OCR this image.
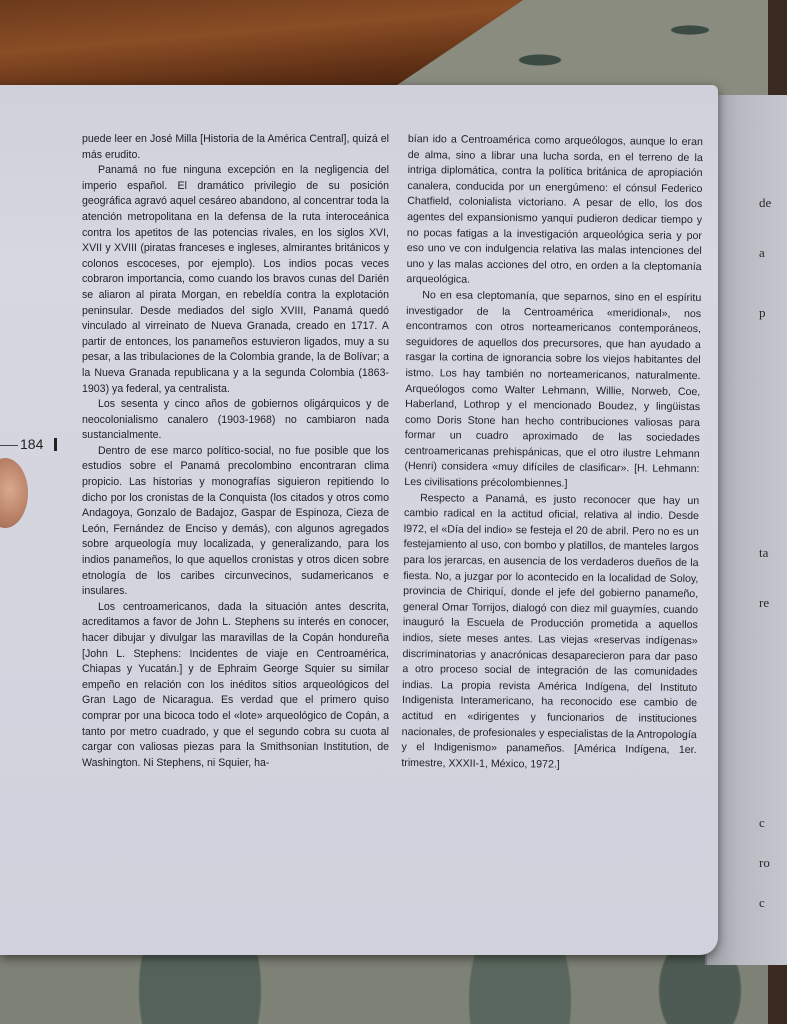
de
a
p
ta
re
c
ro
c

puede leer en José Milla [Historia de la América Central], quizá el más erudito.

Panamá no fue ninguna excepción en la negligencia del imperio español. El dramático privilegio de su posición geográfica agravó aquel cesáreo abandono, al concentrar toda la atención metropolitana en la defensa de la ruta interoceánica contra los apetitos de las potencias rivales, en los siglos XVI, XVII y XVIII (piratas franceses e ingleses, almirantes británicos y colonos escoceses, por ejemplo). Los indios pocas veces cobraron importancia, como cuando los bravos cunas del Darién se aliaron al pirata Morgan, en rebeldía contra la explotación peninsular. Desde mediados del siglo XVIII, Panamá quedó vinculado al virreinato de Nueva Granada, creado en 1717. A partir de entonces, los panameños estuvieron ligados, muy a su pesar, a las tribulaciones de la Colombia grande, la de Bolívar; a la Nueva Granada republicana y a la segunda Colombia (1863-1903) ya federal, ya centralista.

Los sesenta y cinco años de gobiernos oligárquicos y de neocolonialismo canalero (1903-1968) no cambiaron nada sustancialmente.

Dentro de ese marco político-social, no fue posible que los estudios sobre el Panamá precolombino encontraran clima propicio. Las historias y monografías siguieron repitiendo lo dicho por los cronistas de la Conquista (los citados y otros como Andagoya, Gonzalo de Badajoz, Gaspar de Espinoza, Cieza de León, Fernández de Enciso y demás), con algunos agregados sobre arqueología muy localizada, y generalizando, para los indios panameños, lo que aquellos cronistas y otros dicen sobre etnología de los caribes circunvecinos, sudamericanos e insulares.

Los centroamericanos, dada la situación antes descrita, acreditamos a favor de John L. Stephens su interés en conocer, hacer dibujar y divulgar las maravillas de la Copán hondureña [John L. Stephens: Incidentes de viaje en Centroamérica, Chiapas y Yucatán.] y de Ephraim George Squier su similar empeño en relación con los inéditos sitios arqueológicos del Gran Lago de Nicaragua. Es verdad que el primero quiso comprar por una bicoca todo el «lote» arqueológico de Copán, a tanto por metro cuadrado, y que el segundo cobra su cuota al cargar con valiosas piezas para la Smithsonian Institution, de Washington. Ni Stephens, ni Squier, ha-

bían ido a Centroamérica como arqueólogos, aunque lo eran de alma, sino a librar una lucha sorda, en el terreno de la intriga diplomática, contra la política británica de apropiación canalera, conducida por un energúmeno: el cónsul Federico Chatfield, colonialista victoriano. A pesar de ello, los dos agentes del expansionismo yanqui pudieron dedicar tiempo y no pocas fatigas a la investigación arqueológica seria y por eso uno ve con indulgencia relativa las malas intenciones del uno y las malas acciones del otro, en orden a la cleptomanía arqueológica.

No en esa cleptomanía, que separnos, sino en el espíritu investigador de la Centroamérica «meridional», nos encontramos con otros norteamericanos contemporáneos, seguidores de aquellos dos precursores, que han ayudado a rasgar la cortina de ignorancia sobre los viejos habitantes del istmo. Los hay también no norteamericanos, naturalmente. Arqueólogos como Walter Lehmann, Willie, Norweb, Coe, Haberland, Lothrop y el mencionado Boudez, y lingüistas como Doris Stone han hecho contribuciones valiosas para formar un cuadro aproximado de las sociedades centroamericanas prehispánicas, que el otro ilustre Lehmann (Henri) considera «muy difíciles de clasificar». [H. Lehmann: Les civilisations précolombiennes.]

Respecto a Panamá, es justo reconocer que hay un cambio radical en la actitud oficial, relativa al indio. Desde l972, el «Día del indio» se festeja el 20 de abril. Pero no es un festejamiento al uso, con bombo y platillos, de manteles largos para los jerarcas, en ausencia de los verdaderos dueños de la fiesta. No, a juzgar por lo acontecido en la localidad de Soloy, provincia de Chiriquí, donde el jefe del gobierno panameño, general Omar Torrijos, dialogó con diez mil guaymíes, cuando inauguró la Escuela de Producción prometida a aquellos indios, siete meses antes. Las viejas «reservas indígenas» discriminatorias y anacrónicas desaparecieron para dar paso a otro proceso social de integración de las comunidades indias. La propia revista América Indígena, del Instituto Indigenista Interamericano, ha reconocido ese cambio de actitud en «dirigentes y funcionarios de instituciones nacionales, de profesionales y especialistas de la Antropología y el Indigenismo» panameños. [América Indígena, 1er. trimestre, XXXII-1, México, 1972.]

184
